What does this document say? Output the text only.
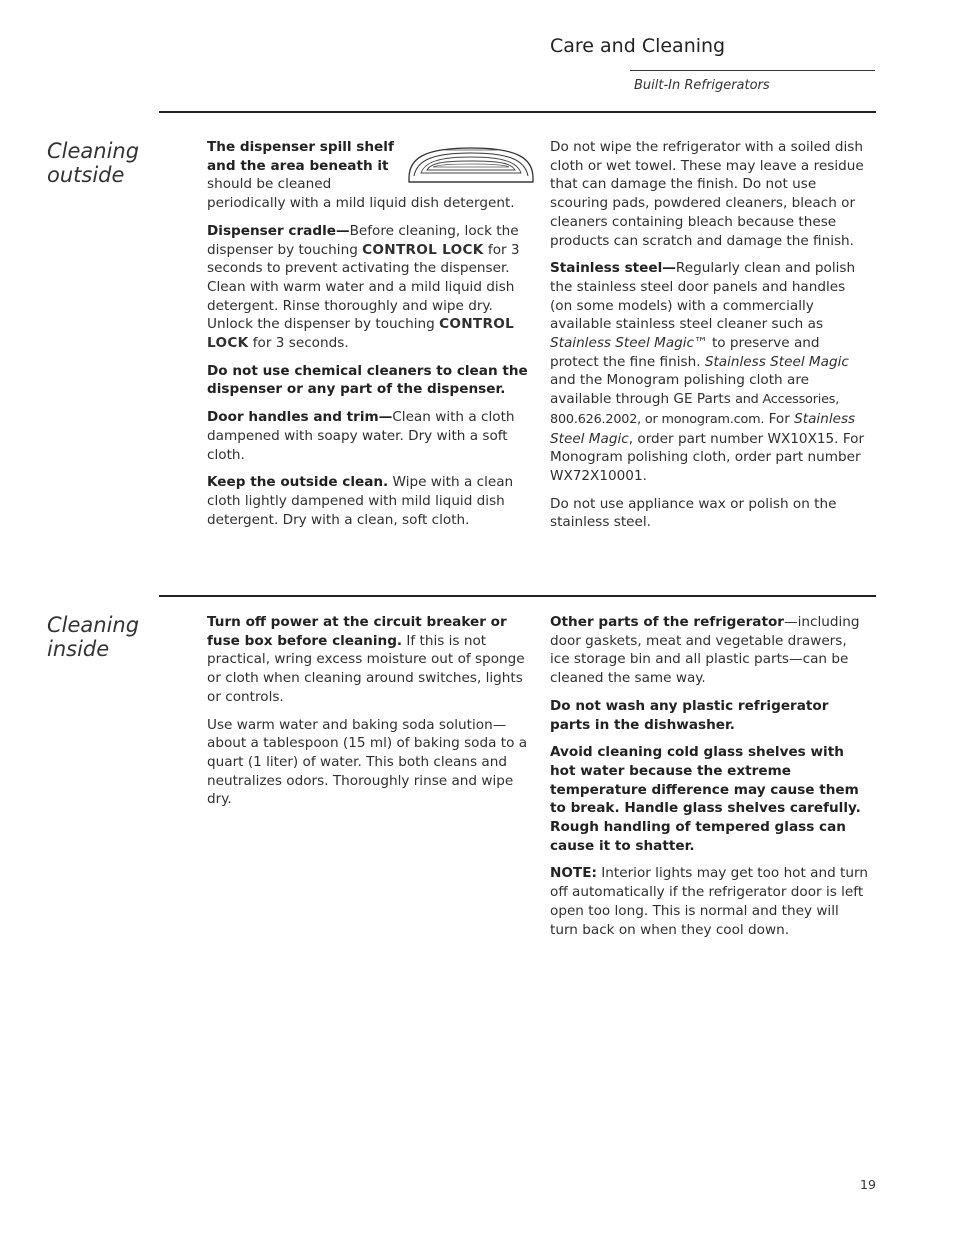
Care and Cleaning
Built-In Refrigerators
Cleaning
outside

The dispenser spill shelf and the area beneath it should be cleaned periodically with a mild liquid dish detergent.

Dispenser cradle—Before cleaning, lock the dispenser by touching CONTROL LOCK for 3 seconds to prevent activating the dispenser. Clean with warm water and a mild liquid dish detergent. Rinse thoroughly and wipe dry. Unlock the dispenser by touching CONTROL LOCK for 3 seconds.

Do not use chemical cleaners to clean the dispenser or any part of the dispenser.

Door handles and trim—Clean with a cloth dampened with soapy water. Dry with a soft cloth.

Keep the outside clean. Wipe with a clean cloth lightly dampened with mild liquid dish detergent. Dry with a clean, soft cloth.

Do not wipe the refrigerator with a soiled dish cloth or wet towel. These may leave a residue that can damage the finish. Do not use scouring pads, powdered cleaners, bleach or cleaners containing bleach because these products can scratch and damage the finish.

Stainless steel—Regularly clean and polish the stainless steel door panels and handles (on some models) with a commercially available stainless steel cleaner such as Stainless Steel Magic™ to preserve and protect the fine finish. Stainless Steel Magic and the Monogram polishing cloth are available through GE Parts and Accessories, 800.626.2002, or monogram.com. For Stainless Steel Magic, order part number WX10X15. For Monogram polishing cloth, order part number WX72X10001.

Do not use appliance wax or polish on the stainless steel.

Cleaning
inside

Turn off power at the circuit breaker or fuse box before cleaning. If this is not practical, wring excess moisture out of sponge or cloth when cleaning around switches, lights or controls.

Use warm water and baking soda solution—about a tablespoon (15 ml) of baking soda to a quart (1 liter) of water. This both cleans and neutralizes odors. Thoroughly rinse and wipe dry.

Other parts of the refrigerator—including door gaskets, meat and vegetable drawers, ice storage bin and all plastic parts—can be cleaned the same way.

Do not wash any plastic refrigerator parts in the dishwasher.

Avoid cleaning cold glass shelves with hot water because the extreme temperature difference may cause them to break. Handle glass shelves carefully. Rough handling of tempered glass can cause it to shatter.

NOTE: Interior lights may get too hot and turn off automatically if the refrigerator door is left open too long. This is normal and they will turn back on when they cool down.

19
